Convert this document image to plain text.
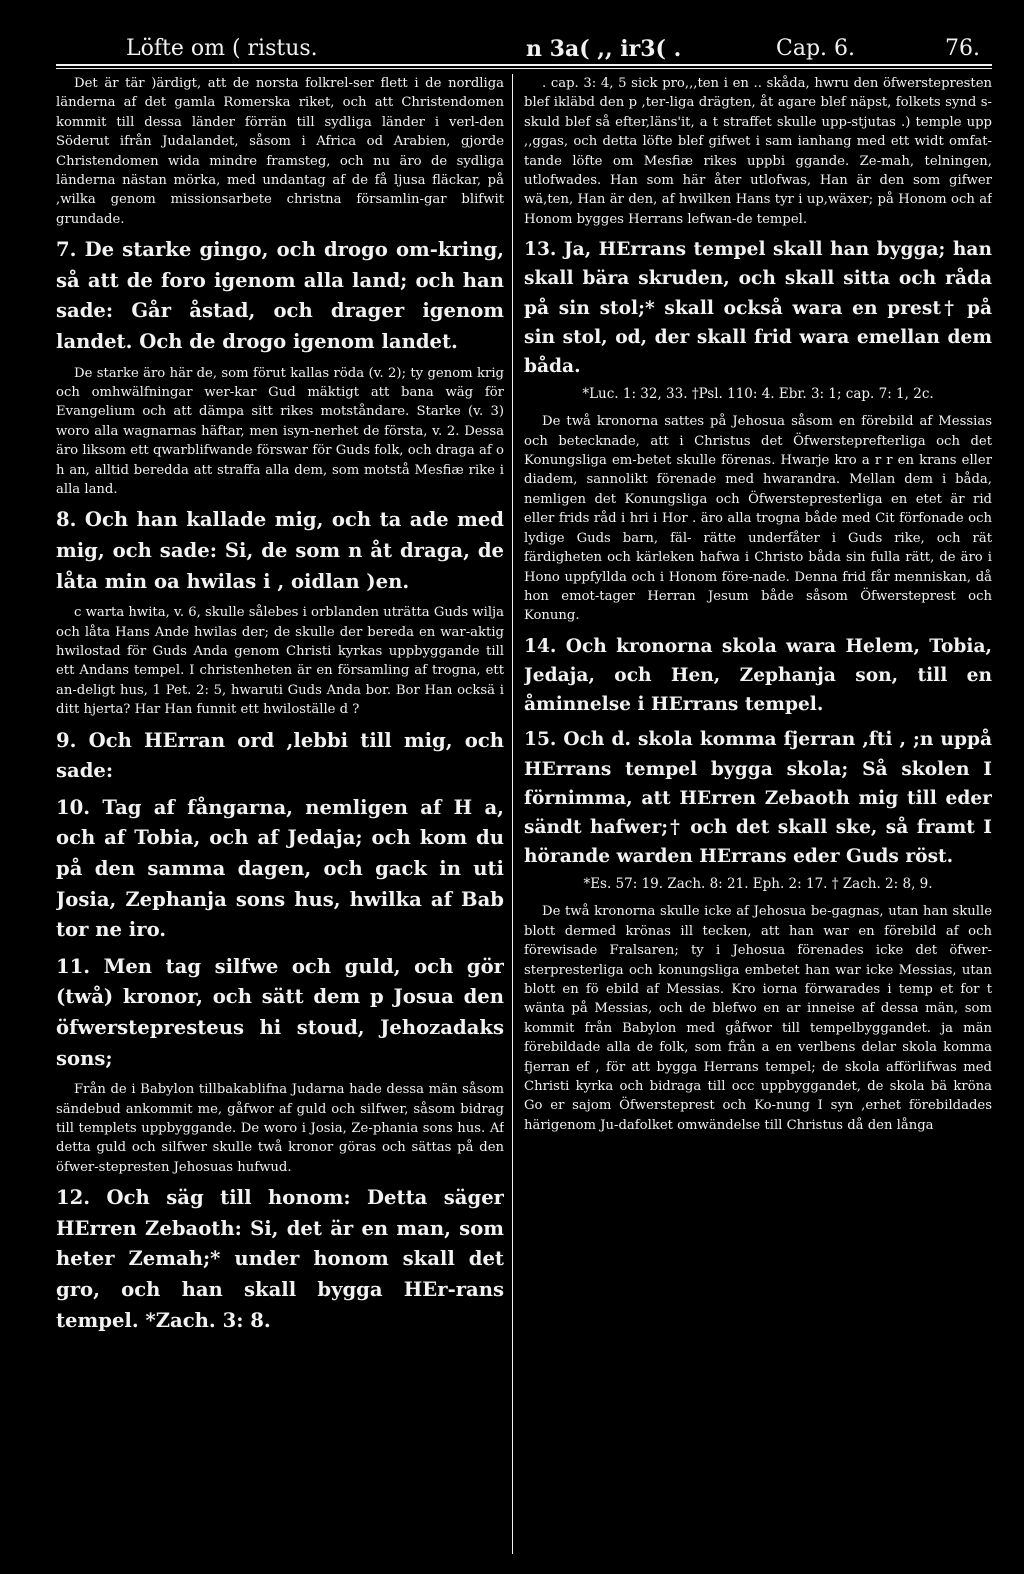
Löfte om ( ristus.	n 3a( ,, ir3( .	Cap. 6.	76.

Det är tär )ärdigt, att de norsta folkrel-ser flett i de nordliga länderna af det gamla Romerska riket, och att Christendomen kommit till dessa länder förrän till sydliga länder i verl-den Söderut ifrån Judalandet, såsom i Africa od Arabien, gjorde Christendomen wida mindre framsteg, och nu äro de sydliga länderna nästan mörka, med undantag af de få ljusa fläckar, på ,wilka genom missionsarbete christna församlin-gar blifwit grundade.

7. De starke gingo, och drogo om-kring, så att de foro igenom alla land; och han sade: Går åstad, och drager igenom landet. Och de drogo igenom landet.

De starke äro här de, som förut kallas röda (v. 2); ty genom krig och omhwälfningar wer-kar Gud mäktigt att bana wäg för Evangelium och att dämpa sitt rikes motståndare. Starke (v. 3) woro alla wagnarnas häftar, men isyn-nerhet de första, v. 2. Dessa äro liksom ett qwarblifwande förswar för Guds folk, och draga af o h an, alltid beredda att straffa alla dem, som motstå Mesfiæ rike i alla land.

8. Och han kallade mig, och ta ade med mig, och sade: Si, de som n åt draga, de låta min oa hwilas i , oidlan )en.

c warta hwita, v. 6, skulle sålebes i orblanden uträtta Guds wilja och låta Hans Ande hwilas der; de skulle der bereda en war-aktig hwilostad för Guds Anda genom Christi kyrkas uppbyggande till ett Andans tempel. I christenheten är en församling af trogna, ett an-deligt hus, 1 Pet. 2: 5, hwaruti Guds Anda bor. Bor Han ocksä i ditt hjerta? Har Han funnit ett hwiloställe d ?

9. Och HErran ord ,lebbi till mig, och sade:

10. Tag af fångarna, nemligen af H a, och af Tobia, och af Jedaja; och kom du på den samma dagen, och gack in uti Josia, Zephanja sons hus, hwilka af Bab tor ne iro.

11. Men tag silfwe och guld, och gör (twå) kronor, och sätt dem p Josua den öfwerstepresteus hi stoud, Jehozadaks sons;

Från de i Babylon tillbakablifna Judarna hade dessa män såsom sändebud ankommit me, gåfwor af guld och silfwer, såsom bidrag till templets uppbyggande. De woro i Josia, Ze-phania sons hus. Af detta guld och silfwer skulle twå kronor göras och sättas på den öfwer-stepresten Jehosuas hufwud.

12. Och säg till honom: Detta säger HErren Zebaoth: Si, det är en man, som heter Zemah;* under honom skall det gro, och han skall bygga HEr-rans tempel. *Zach. 3: 8.

. cap. 3: 4, 5 sick pro,,,ten i en .. skåda, hwru den öfwerstepresten blef ikläbd den p ,ter-liga drägten, åt agare blef näpst, folkets synd s-skuld blef så efter,läns'it, a t straffet skulle upp-stjutas .) temple upp ,,ggas, och detta löfte blef gifwet i sam ianhang med ett widt omfat-tande löfte om Mesfiæ rikes uppbi ggande. Ze-mah, telningen, utlofwades. Han som här åter utlofwas, Han är den som gifwer wä,ten, Han är den, af hwilken Hans tyr i up,wäxer; på Honom och af Honom bygges Herrans lefwan-de tempel.

13. Ja, HErrans tempel skall han bygga; han skall bära skruden, och skall sitta och råda på sin stol;* skall också wara en prest† på sin stol, od, der skall frid wara emellan dem båda.

*Luc. 1: 32, 33. †Psl. 110: 4. Ebr. 3: 1; cap. 7: 1, 2c.

De twå kronorna sattes på Jehosua såsom en förebild af Messias och betecknade, att i Christus det Öfwersteprefterliga och det Konungsliga em-betet skulle förenas. Hwarje kro a r r en krans eller diadem, sannolikt förenade med hwarandra. Mellan dem i båda, nemligen det Konungsliga och Öfwerstepresterliga en etet är rid eller frids råd i hri i Hor . äro alla trogna både med Cit förfonade och lydige Guds barn, fäl- rätte underfåter i Guds rike, och rät färdigheten och kärleken hafwa i Christo båda sin fulla rätt, de äro i Hono uppfyllda och i Honom före-nade. Denna frid får menniskan, då hon emot-tager Herran Jesum både såsom Öfwersteprest och Konung.

14. Och kronorna skola wara Helem, Tobia, Jedaja, och Hen, Zephanja son, till en åminnelse i HErrans tempel.

15. Och d. skola komma fjerran ,fti , ;n uppå HErrans tempel bygga skola; Så skolen I förnimma, att HErren Zebaoth mig till eder sändt hafwer;† och det skall ske, så framt I hörande warden HErrans eder Guds röst.

*Es. 57: 19. Zach. 8: 21. Eph. 2: 17. † Zach. 2: 8, 9.

De twå kronorna skulle icke af Jehosua be-gagnas, utan han skulle blott dermed krönas ill tecken, att han war en förebild af och förewisade Fralsaren; ty i Jehosua förenades icke det öfwer-sterpresterliga och konungsliga embetet han war icke Messias, utan blott en fö ebild af Messias. Kro iorna förwarades i temp et for t wänta på Messias, och de blefwo en ar inneise af dessa män, som kommit från Babylon med gåfwor till tempelbyggandet. ja män förebildade alla de folk, som från a en verlbens delar skola komma fjerran ef , för att bygga Herrans tempel; de skola afförlifwas med Christi kyrka och bidraga till occ uppbyggandet, de skola bä kröna Go er sajom Öfwersteprest och Ko-nung I syn ,erhet förebildades härigenom Ju-dafolket omwändelse till Christus då den långa
